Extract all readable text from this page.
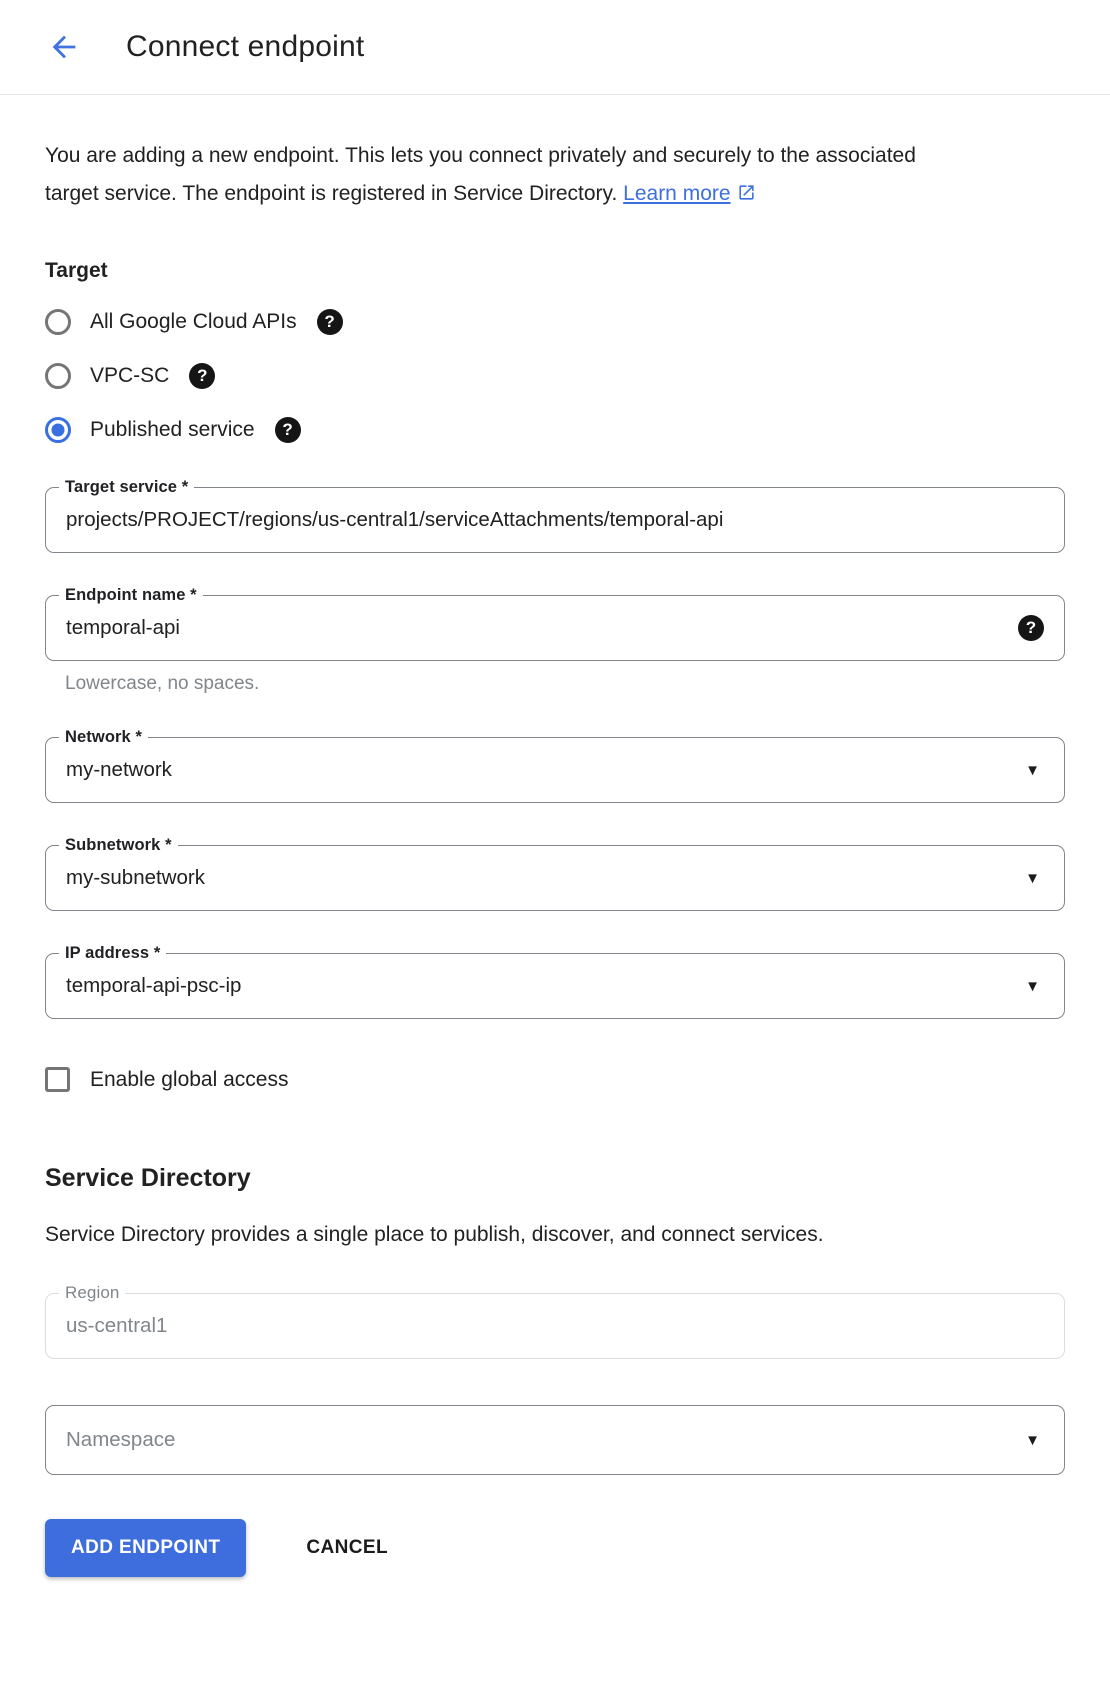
Connect endpoint

You are adding a new endpoint. This lets you connect privately and securely to the associated target service. The endpoint is registered in Service Directory. Learn more

Target
All Google Cloud APIs	?
VPC-SC	?
Published service	?
Target service *
projects/PROJECT/regions/us-central1/serviceAttachments/temporal-api
Endpoint name *
temporal-api	?
Lowercase, no spaces.
Network *
my-network	▼
Subnetwork *
my-subnetwork	▼
IP address *
temporal-api-psc-ip	▼
Enable global access
Service Directory

Service Directory provides a single place to publish, discover, and connect services.

Region
us-central1
Namespace	▼
ADD ENDPOINT	CANCEL
